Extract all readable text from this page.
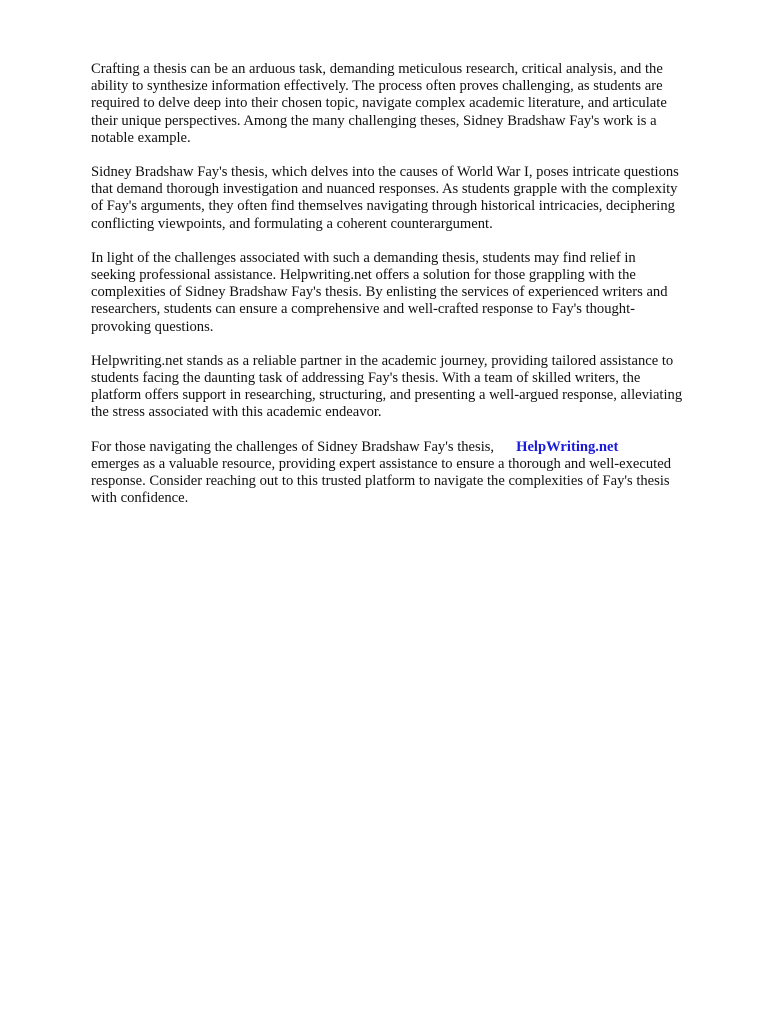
Crafting a thesis can be an arduous task, demanding meticulous research, critical analysis, and the
ability to synthesize information effectively. The process often proves challenging, as students are
required to delve deep into their chosen topic, navigate complex academic literature, and articulate
their unique perspectives. Among the many challenging theses, Sidney Bradshaw Fay's work is a
notable example.

Sidney Bradshaw Fay's thesis, which delves into the causes of World War I, poses intricate questions
that demand thorough investigation and nuanced responses. As students grapple with the complexity
of Fay's arguments, they often find themselves navigating through historical intricacies, deciphering
conflicting viewpoints, and formulating a coherent counterargument.

In light of the challenges associated with such a demanding thesis, students may find relief in
seeking professional assistance. Helpwriting.net offers a solution for those grappling with the
complexities of Sidney Bradshaw Fay's thesis. By enlisting the services of experienced writers and
researchers, students can ensure a comprehensive and well-crafted response to Fay's thought-
provoking questions.

Helpwriting.net stands as a reliable partner in the academic journey, providing tailored assistance to
students facing the daunting task of addressing Fay's thesis. With a team of skilled writers, the
platform offers support in researching, structuring, and presenting a well-argued response, alleviating
the stress associated with this academic endeavor.

For those navigating the challenges of Sidney Bradshaw Fay's thesis, HelpWriting.net
emerges as a valuable resource, providing expert assistance to ensure a thorough and well-executed
response. Consider reaching out to this trusted platform to navigate the complexities of Fay's thesis
with confidence.
